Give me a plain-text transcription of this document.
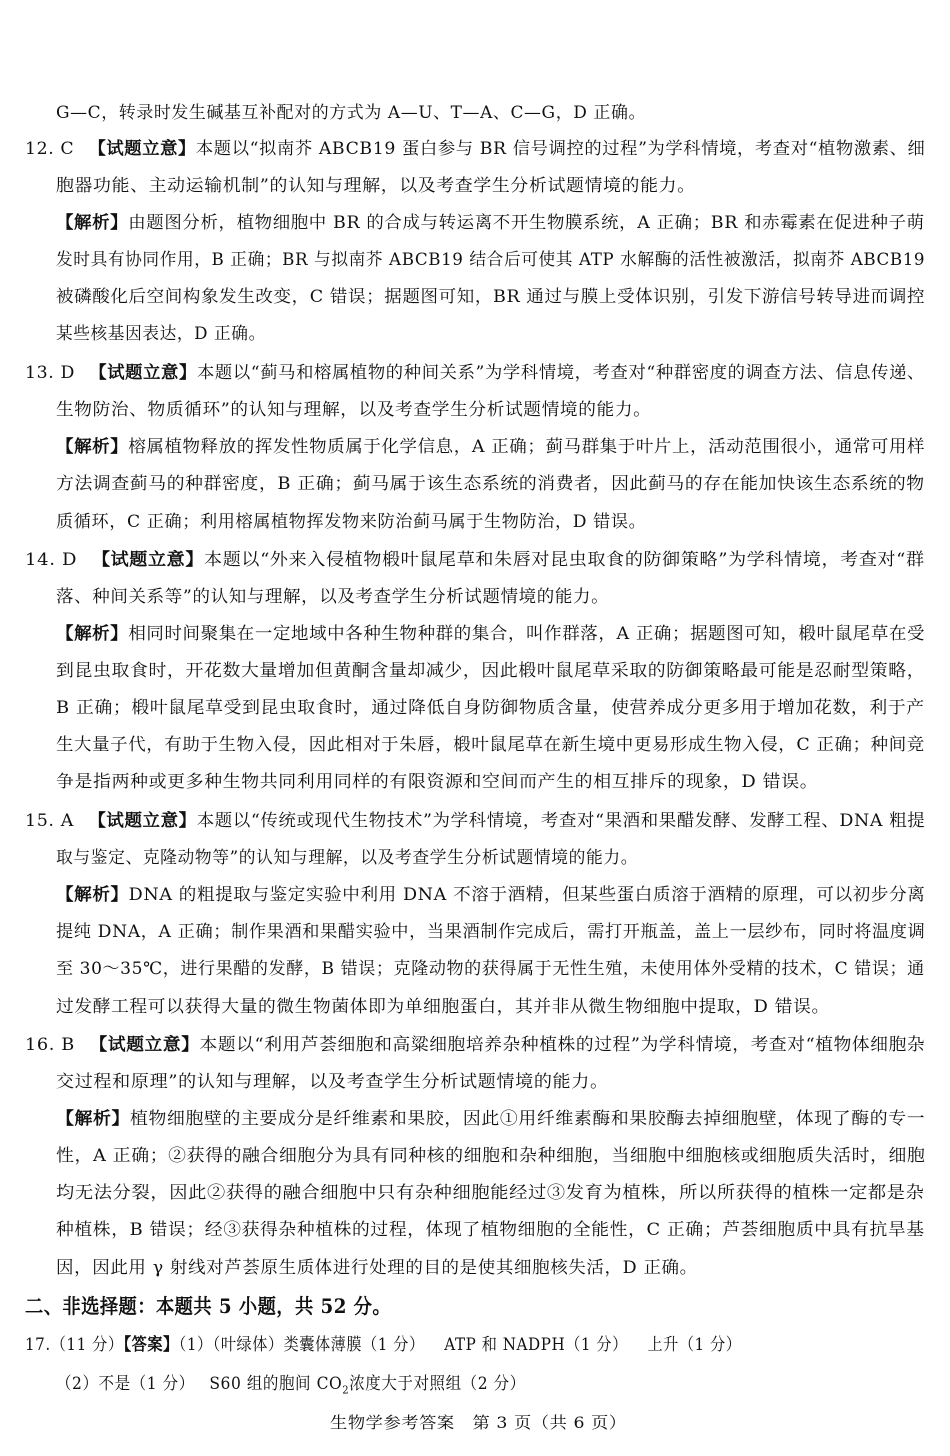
G—C，转录时发生碱基互补配对的方式为 A—U、T—A、C—G，D 正确。
12. C 【试题立意】本题以“拟南芥 ABCB19 蛋白参与 BR 信号调控的过程”为学科情境，考查对“植物激素、细
胞器功能、主动运输机制”的认知与理解，以及考查学生分析试题情境的能力。
【解析】由题图分析，植物细胞中 BR 的合成与转运离不开生物膜系统，A 正确；BR 和赤霉素在促进种子萌
发时具有协同作用，B 正确；BR 与拟南芥 ABCB19 结合后可使其 ATP 水解酶的活性被激活，拟南芥 ABCB19
被磷酸化后空间构象发生改变，C 错误；据题图可知，BR 通过与膜上受体识别，引发下游信号转导进而调控
某些核基因表达，D 正确。
13. D 【试题立意】本题以“蓟马和榕属植物的种间关系”为学科情境，考查对“种群密度的调查方法、信息传递、
生物防治、物质循环”的认知与理解，以及考查学生分析试题情境的能力。
【解析】榕属植物释放的挥发性物质属于化学信息，A 正确；蓟马群集于叶片上，活动范围很小，通常可用样
方法调查蓟马的种群密度，B 正确；蓟马属于该生态系统的消费者，因此蓟马的存在能加快该生态系统的物
质循环，C 正确；利用榕属植物挥发物来防治蓟马属于生物防治，D 错误。
14. D 【试题立意】本题以“外来入侵植物椴叶鼠尾草和朱唇对昆虫取食的防御策略”为学科情境，考查对“群
落、种间关系等”的认知与理解，以及考查学生分析试题情境的能力。
【解析】相同时间聚集在一定地域中各种生物种群的集合，叫作群落，A 正确；据题图可知，椴叶鼠尾草在受
到昆虫取食时，开花数大量增加但黄酮含量却减少，因此椴叶鼠尾草采取的防御策略最可能是忍耐型策略，
B 正确；椴叶鼠尾草受到昆虫取食时，通过降低自身防御物质含量，使营养成分更多用于增加花数，利于产
生大量子代，有助于生物入侵，因此相对于朱唇，椴叶鼠尾草在新生境中更易形成生物入侵，C 正确；种间竞
争是指两种或更多种生物共同利用同样的有限资源和空间而产生的相互排斥的现象，D 错误。
15. A 【试题立意】本题以“传统或现代生物技术”为学科情境，考查对“果酒和果醋发酵、发酵工程、DNA 粗提
取与鉴定、克隆动物等”的认知与理解，以及考查学生分析试题情境的能力。
【解析】DNA 的粗提取与鉴定实验中利用 DNA 不溶于酒精，但某些蛋白质溶于酒精的原理，可以初步分离
提纯 DNA，A 正确；制作果酒和果醋实验中，当果酒制作完成后，需打开瓶盖，盖上一层纱布，同时将温度调
至 30～35℃，进行果醋的发酵，B 错误；克隆动物的获得属于无性生殖，未使用体外受精的技术，C 错误；通
过发酵工程可以获得大量的微生物菌体即为单细胞蛋白，其并非从微生物细胞中提取，D 错误。
16. B 【试题立意】本题以“利用芦荟细胞和高粱细胞培养杂种植株的过程”为学科情境，考查对“植物体细胞杂
交过程和原理”的认知与理解，以及考查学生分析试题情境的能力。
【解析】植物细胞壁的主要成分是纤维素和果胶，因此①用纤维素酶和果胶酶去掉细胞壁，体现了酶的专一
性，A 正确；②获得的融合细胞分为具有同种核的细胞和杂种细胞，当细胞中细胞核或细胞质失活时，细胞
均无法分裂，因此②获得的融合细胞中只有杂种细胞能经过③发育为植株，所以所获得的植株一定都是杂
种植株，B 错误；经③获得杂种植株的过程，体现了植物细胞的全能性，C 正确；芦荟细胞质中具有抗旱基
因，因此用 γ 射线对芦荟原生质体进行处理的目的是使其细胞核失活，D 正确。
二、非选择题：本题共 5 小题，共 52 分。
17.（11 分）【答案】（1）（叶绿体）类囊体薄膜（1 分） ATP 和 NADPH（1 分） 上升（1 分）
（2）不是（1 分） S60 组的胞间 $CO_2$浓度大于对照组（2 分）
生物学参考答案　第 3 页（共 6 页）
